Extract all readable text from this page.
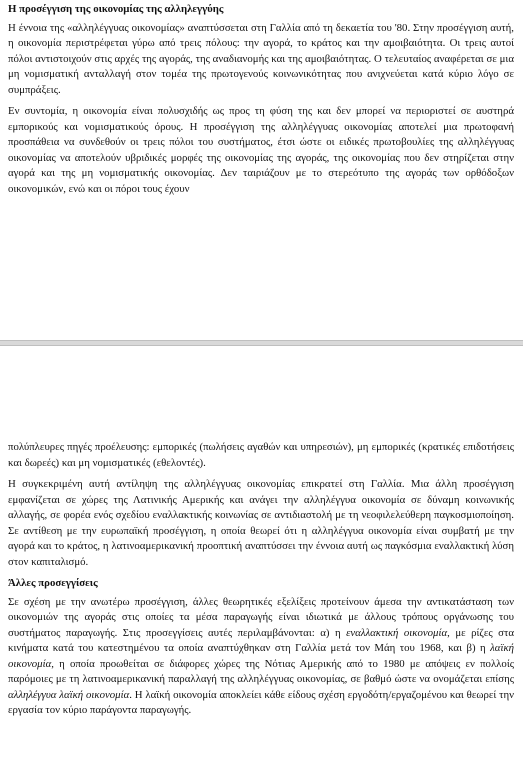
Η προσέγγιση της οικονομίας της αλληλεγγύης

Η έννοια της «αλληλέγγυας οικονομίας» αναπτύσσεται στη Γαλλία από τη δεκαετία του '80. Στην προσέγγιση αυτή, η οικονομία περιστρέφεται γύρω από τρεις πόλους: την αγορά, το κράτος και την αμοιβαιότητα. Οι τρεις αυτοί πόλοι αντιστοιχούν στις αρχές της αγοράς, της αναδιανομής και της αμοιβαιότητας. Ο τελευταίος αναφέρεται σε μια μη νομισματική ανταλλαγή στον τομέα της πρωτογενούς κοινωνικότητας που ανιχνεύεται κατά κύριο λόγο σε συμπράξεις.

Εν συντομία, η οικονομία είναι πολυσχιδής ως προς τη φύση της και δεν μπορεί να περιοριστεί σε αυστηρά εμπορικούς και νομισματικούς όρους. Η προσέγγιση της αλληλέγγυας οικονομίας αποτελεί μια πρωτοφανή προσπάθεια να συνδεθούν οι τρεις πόλοι του συστήματος, έτσι ώστε οι ειδικές πρωτοβουλίες της αλληλέγγυας οικονομίας να αποτελούν υβριδικές μορφές της οικονομίας της αγοράς, της οικονομίας που δεν στηρίζεται στην αγορά και της μη νομισματικής οικονομίας. Δεν ταιριάζουν με το στερεότυπο της αγοράς των ορθόδοξων οικονομικών, ενώ και οι πόροι τους έχουν

πολύπλευρες πηγές προέλευσης: εμπορικές (πωλήσεις αγαθών και υπηρεσιών), μη εμπορικές (κρατικές επιδοτήσεις και δωρεές) και μη νομισματικές (εθελοντές).

Η συγκεκριμένη αυτή αντίληψη της αλληλέγγυας οικονομίας επικρατεί στη Γαλλία. Μια άλλη προσέγγιση εμφανίζεται σε χώρες της Λατινικής Αμερικής και ανάγει την αλληλέγγυα οικονομία σε δύναμη κοινωνικής αλλαγής, σε φορέα ενός σχεδίου εναλλακτικής κοινωνίας σε αντιδιαστολή με τη νεοφιλελεύθερη παγκοσμιοποίηση. Σε αντίθεση με την ευρωπαϊκή προσέγγιση, η οποία θεωρεί ότι η αλληλέγγυα οικονομία είναι συμβατή με την αγορά και το κράτος, η λατινοαμερικανική προοπτική αναπτύσσει την έννοια αυτή ως παγκόσμια εναλλακτική λύση στον καπιταλισμό.

Άλλες προσεγγίσεις

Σε σχέση με την ανωτέρω προσέγγιση, άλλες θεωρητικές εξελίξεις προτείνουν άμεσα την αντικατάσταση των οικονομιών της αγοράς στις οποίες τα μέσα παραγωγής είναι ιδιωτικά με άλλους τρόπους οργάνωσης του συστήματος παραγωγής. Στις προσεγγίσεις αυτές περιλαμβάνονται: α) η εναλλακτική οικονομία, με ρίζες στα κινήματα κατά του κατεστημένου τα οποία αναπτύχθηκαν στη Γαλλία μετά τον Μάη του 1968, και β) η λαϊκή οικονομία, η οποία προωθείται σε διάφορες χώρες της Νότιας Αμερικής από το 1980 με απόψεις εν πολλοίς παρόμοιες με τη λατινοαμερικανική παραλλαγή της αλληλέγγυας οικονομίας, σε βαθμό ώστε να ονομάζεται επίσης αλληλέγγυα λαϊκή οικονομία. Η λαϊκή οικονομία αποκλείει κάθε είδους σχέση εργοδότη/εργαζομένου και θεωρεί την εργασία τον κύριο παράγοντα παραγωγής.
